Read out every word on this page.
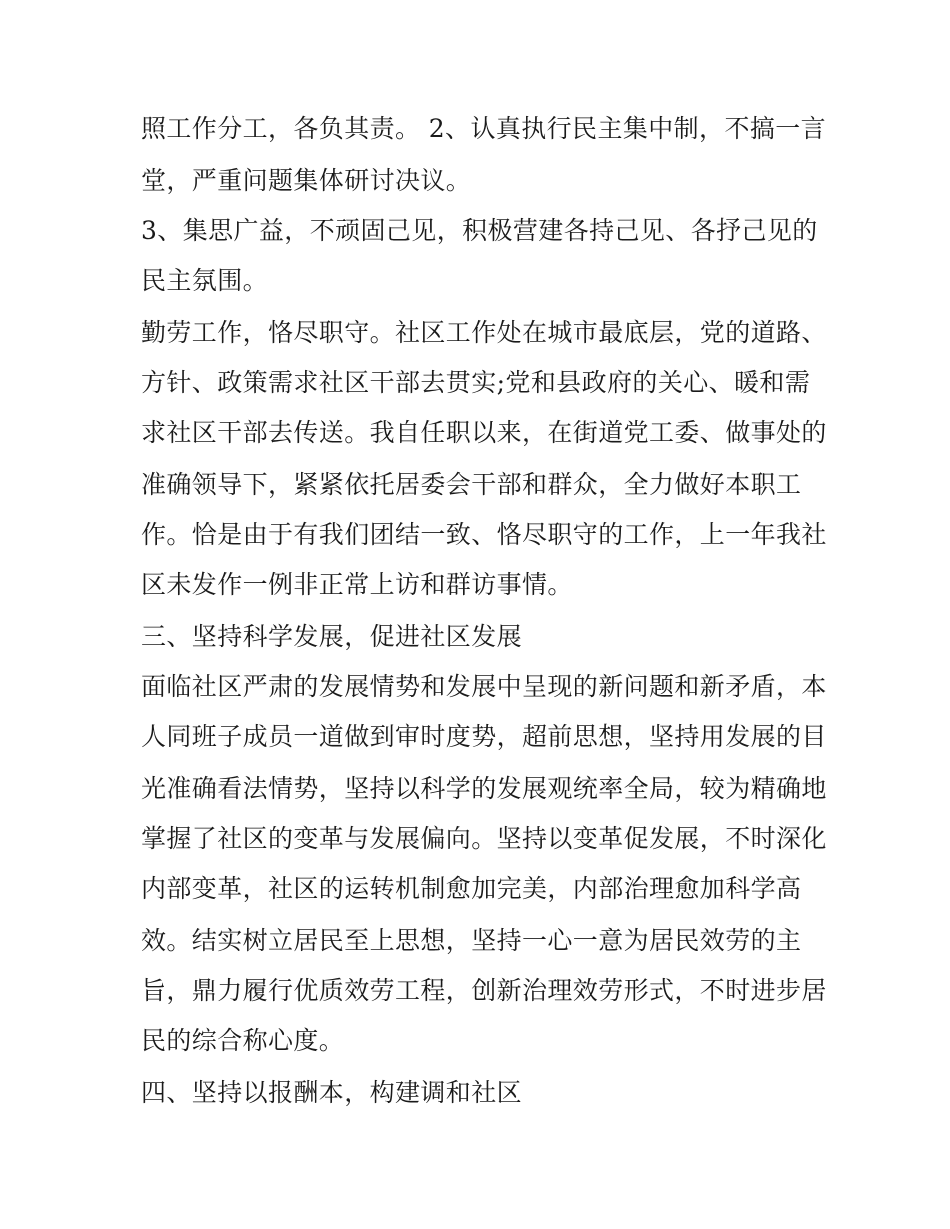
照工作分工，各负其责。 2、认真执行民主集中制，不搞一言
堂，严重问题集体研讨决议。
3、集思广益，不顽固己见，积极营建各持己见、各抒己见的
民主氛围。
勤劳工作，恪尽职守。社区工作处在城市最底层，党的道路、
方针、政策需求社区干部去贯实;党和县政府的关心、暖和需
求社区干部去传送。我自任职以来，在街道党工委、做事处的
准确领导下，紧紧依托居委会干部和群众，全力做好本职工
作。恰是由于有我们团结一致、恪尽职守的工作，上一年我社
区未发作一例非正常上访和群访事情。
三、坚持科学发展，促进社区发展
面临社区严肃的发展情势和发展中呈现的新问题和新矛盾，本
人同班子成员一道做到审时度势，超前思想，坚持用发展的目
光准确看法情势，坚持以科学的发展观统率全局，较为精确地
掌握了社区的变革与发展偏向。坚持以变革促发展，不时深化
内部变革，社区的运转机制愈加完美，内部治理愈加科学高
效。结实树立居民至上思想，坚持一心一意为居民效劳的主
旨，鼎力履行优质效劳工程，创新治理效劳形式，不时进步居
民的综合称心度。
四、坚持以报酬本，构建调和社区
